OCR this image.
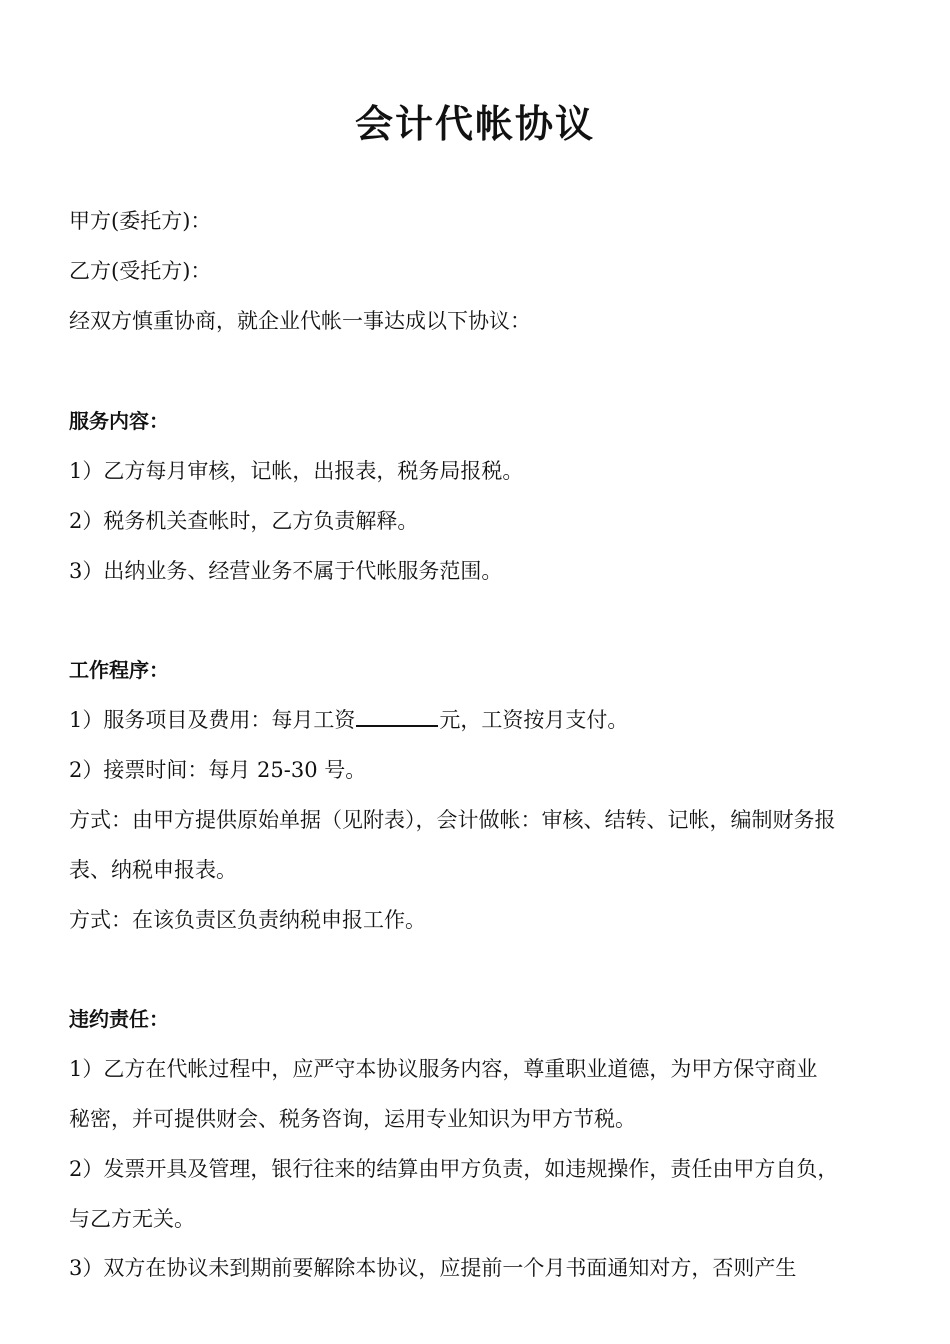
会计代帐协议

甲方(委托方)：

乙方(受托方)：

经双方慎重协商，就企业代帐一事达成以下协议：

服务内容：

1）乙方每月审核，记帐，出报表，税务局报税。

2）税务机关查帐时，乙方负责解释。

3）出纳业务、经营业务不属于代帐服务范围。

工作程序：

1）服务项目及费用：每月工资	元，工资按月支付。

2）接票时间：每月 25-30 号。

方式：由甲方提供原始单据（见附表），会计做帐：审核、结转、记帐，编制财务报

表、纳税申报表。

方式：在该负责区负责纳税申报工作。

违约责任：

1）乙方在代帐过程中，应严守本协议服务内容，尊重职业道德，为甲方保守商业

秘密，并可提供财会、税务咨询，运用专业知识为甲方节税。

2）发票开具及管理，银行往来的结算由甲方负责，如违规操作，责任由甲方自负，

与乙方无关。

3）双方在协议未到期前要解除本协议，应提前一个月书面通知对方，否则产生
